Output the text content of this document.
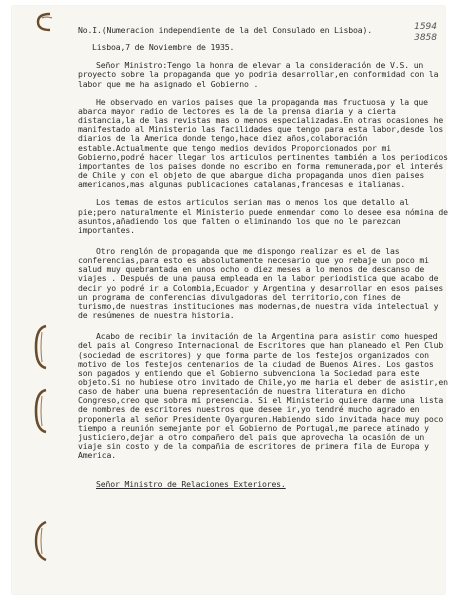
1594
3858

No.I.(Numeracion independiente de la del Consulado en Lisboa).

Lisboa,7 de Noviembre de 1935.

Señor Ministro:Tengo la honra de elevar a la consideración de V.S. un proyecto sobre la propaganda que yo podria desarrollar,en conformidad con la labor que me ha asignado el Gobierno .

He observado en varios paises que la propaganda mas fructuosa y la que abarca mayor radio de lectores es la de la prensa diaria y a cierta distancia,la de las revistas mas o menos especializadas.En otras ocasiones he manifestado al Ministerio las facilidades que tengo para esta labor,desde los diarios de la America donde tengo,hace diez años,colaboración estable.Actualmente que tengo medios devidos Proporcionados por mi Gobierno,podré hacer llegar los articulos pertinentes también a los periodicos importantes de los paises donde no escribo en forma remunerada,por el interés de Chile y con el objeto de que abargue dicha propaganda unos dien paises americanos,mas algunas publicaciones catalanas,francesas e italianas.

Los temas de estos articulos serian mas o menos los que detallo al pie;pero naturalmente el Ministerio puede enmendar como lo desee esa nómina de asuntos,añadiendo los que falten o eliminando los que no le parezcan importantes.

Otro renglón de propaganda que me dispongo realizar es el de las conferencias,para esto es absolutamente necesario que yo rebaje un poco mi salud muy quebrantada en unos ocho o diez meses a lo menos de descanso de viajes . Después de una pausa empleada en la labor periodistica que acabo de decir yo podré ir a Colombia,Ecuador y Argentina y desarrollar en esos paises un programa de conferencias divulgadoras del territorio,con fines de turismo,de nuestras instituciones mas modernas,de nuestra vida intelectual y de resúmenes de nuestra historia.

Acabo de recibir la invitación de la Argentina para asistir como huesped del pais al Congreso Internacional de Escritores que han planeado el Pen Club (sociedad de escritores) y que forma parte de los festejos organizados con motivo de los festejos centenarios de la ciudad de Buenos Aires. Los gastos son pagados y entiendo que el Gobierno subvenciona la Sociedad para este objeto.Si no hubiese otro invitado de Chile,yo me haria el deber de asistir,en caso de haber una buena representación de nuestra literatura en dicho Congreso,creo que sobra mi presencia. Si el Ministerio quiere darme una lista de nombres de escritores nuestros que desee ir,yo tendré mucho agrado en proponerla al señor Presidente Oyarguren.Habiendo sido invitada hace muy poco tiempo a reunión semejante por el Gobierno de Portugal,me parece atinado y justiciero,dejar a otro compañero del pais que aprovecha la ocasión de un viaje sin costo y de la compañia de escritores de primera fila de Europa y America.

Señor Ministro de Relaciones Exteriores.
